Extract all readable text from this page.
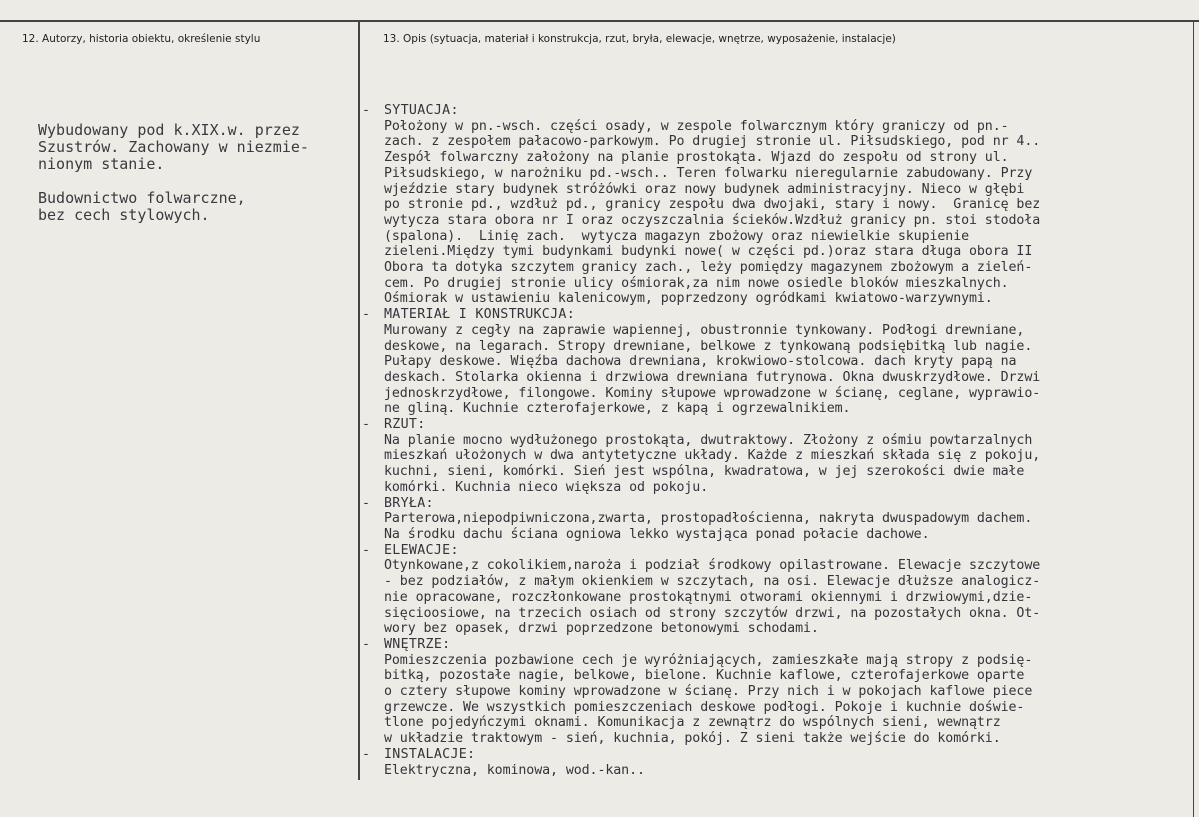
12. Autorzy, historia obiektu, określenie stylu	13. Opis (sytuacja, materiał i konstrukcja, rzut, bryła, elewacje, wnętrze, wyposażenie, instalacje)

Wybudowany pod k.XIX.w. przez
Szustrów. Zachowany w niezmie-
nionym stanie.

Budownictwo folwarczne,
bez cech stylowych.

- SYTUACJA:
Położony w pn.-wsch. części osady, w zespole folwarcznym który graniczy od pn.-
zach. z zespołem pałacowo-parkowym. Po drugiej stronie ul. Piłsudskiego, pod nr 4..
Zespół folwarczny założony na planie prostokąta. Wjazd do zespołu od strony ul.
Piłsudskiego, w narożniku pd.-wsch.. Teren folwarku nieregularnie zabudowany. Przy
wjeździe stary budynek stróżówki oraz nowy budynek administracyjny. Nieco w głębi
po stronie pd., wzdłuż pd., granicy zespołu dwa dwojaki, stary i nowy.  Granicę bez
wytycza stara obora nr I oraz oczyszczalnia ścieków.Wzdłuż granicy pn. stoi stodoła
(spalona).  Linię zach.  wytycza magazyn zbożowy oraz niewielkie skupienie
zieleni.Między tymi budynkami budynki nowe( w części pd.)oraz stara długa obora II
Obora ta dotyka szczytem granicy zach., leży pomiędzy magazynem zbożowym a zieleń-
cem. Po drugiej stronie ulicy ośmiorak,za nim nowe osiedle bloków mieszkalnych.
Ośmiorak w ustawieniu kalenicowym, poprzedzony ogródkami kwiatowo-warzywnymi.
- MATERIAŁ I KONSTRUKCJA:
Murowany z cegły na zaprawie wapiennej, obustronnie tynkowany. Podłogi drewniane,
deskowe, na legarach. Stropy drewniane, belkowe z tynkowaną podsiębitką lub nagie.
Pułapy deskowe. Więźba dachowa drewniana, krokwiowo-stolcowa. dach kryty papą na
deskach. Stolarka okienna i drzwiowa drewniana futrynowa. Okna dwuskrzydłowe. Drzwi
jednoskrzydłowe, filongowe. Kominy słupowe wprowadzone w ścianę, ceglane, wyprawio-
ne gliną. Kuchnie czterofajerkowe, z kapą i ogrzewalnikiem.
- RZUT:
Na planie mocno wydłużonego prostokąta, dwutraktowy. Złożony z ośmiu powtarzalnych
mieszkań ułożonych w dwa antytetyczne układy. Każde z mieszkań składa się z pokoju,
kuchni, sieni, komórki. Sień jest wspólna, kwadratowa, w jej szerokości dwie małe
komórki. Kuchnia nieco większa od pokoju.
- BRYŁA:
Parterowa,niepodpiwniczona,zwarta, prostopadłościenna, nakryta dwuspadowym dachem.
Na środku dachu ściana ogniowa lekko wystająca ponad połacie dachowe.
- ELEWACJE:
Otynkowane,z cokolikiem,naroża i podział środkowy opilastrowane. Elewacje szczytowe
- bez podziałów, z małym okienkiem w szczytach, na osi. Elewacje dłuższe analogicz-
nie opracowane, rozczłonkowane prostokątnymi otworami okiennymi i drzwiowymi,dzie-
sięcioosiowe, na trzecich osiach od strony szczytów drzwi, na pozostałych okna. Ot-
wory bez opasek, drzwi poprzedzone betonowymi schodami.
- WNĘTRZE:
Pomieszczenia pozbawione cech je wyróżniających, zamieszkałe mają stropy z podsię-
bitką, pozostałe nagie, belkowe, bielone. Kuchnie kaflowe, czterofajerkowe oparte
o cztery słupowe kominy wprowadzone w ścianę. Przy nich i w pokojach kaflowe piece
grzewcze. We wszystkich pomieszczeniach deskowe podłogi. Pokoje i kuchnie doświe-
tlone pojedyńczymi oknami. Komunikacja z zewnątrz do wspólnych sieni, wewnątrz
w układzie traktowym - sień, kuchnia, pokój. Z sieni także wejście do komórki.
- INSTALACJE:
Elektryczna, kominowa, wod.-kan..
